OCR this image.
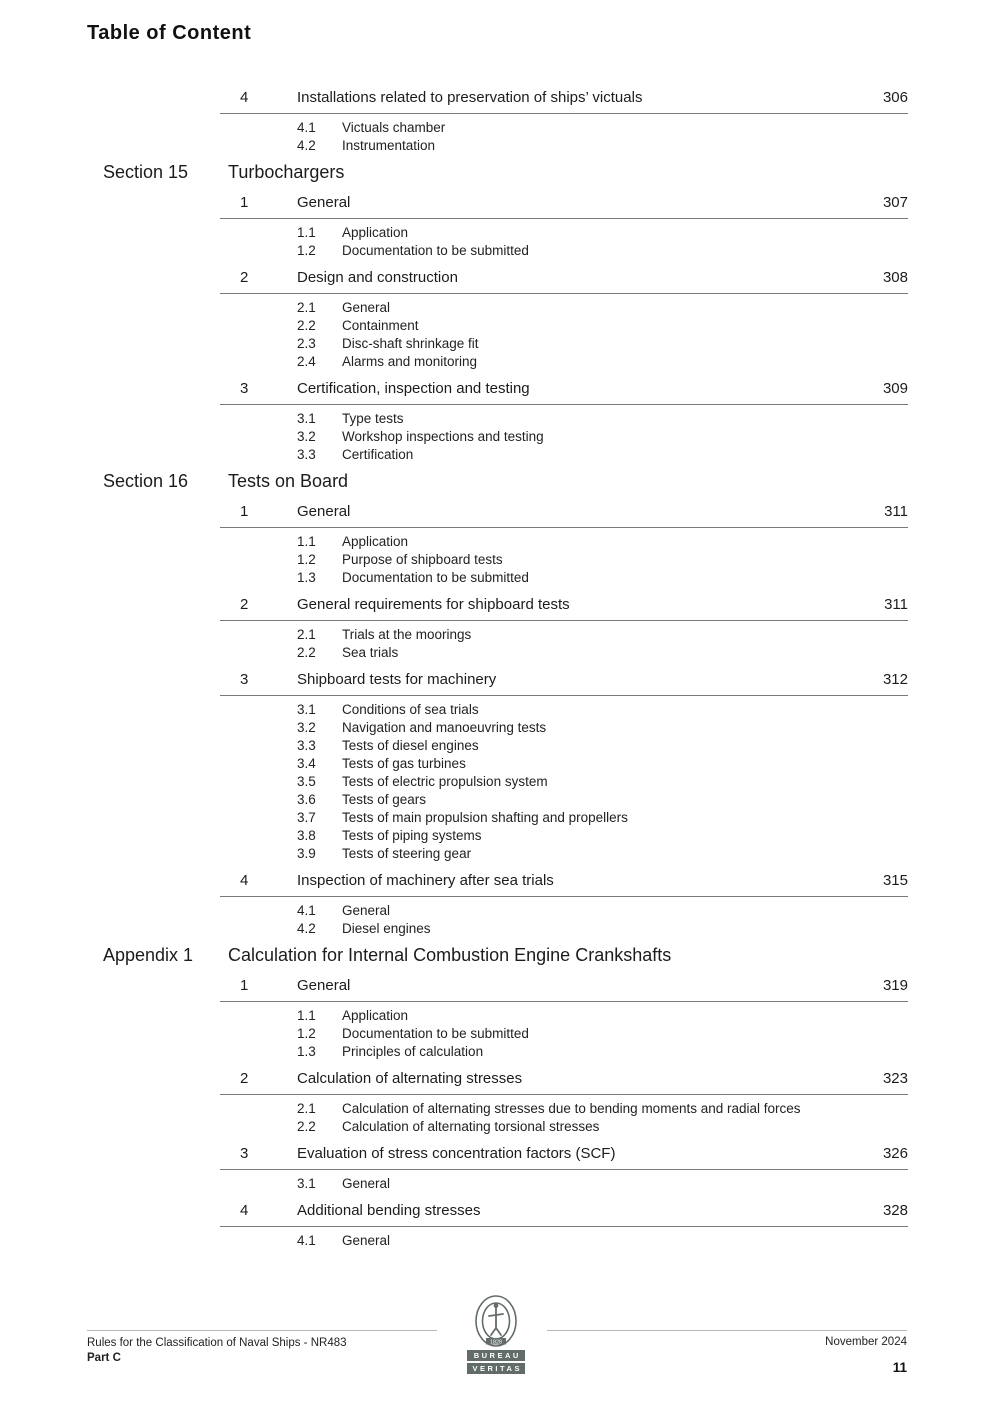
Table of Content
4	Installations related to preservation of ships’ victuals	306
4.1	Victuals chamber
4.2	Instrumentation
Section 15	Turbochargers
1	General	307
1.1	Application
1.2	Documentation to be submitted
2	Design and construction	308
2.1	General
2.2	Containment
2.3	Disc-shaft shrinkage fit
2.4	Alarms and monitoring
3	Certification, inspection and testing	309
3.1	Type tests
3.2	Workshop inspections and testing
3.3	Certification
Section 16	Tests on Board
1	General	311
1.1	Application
1.2	Purpose of shipboard tests
1.3	Documentation to be submitted
2	General requirements for shipboard tests	311
2.1	Trials at the moorings
2.2	Sea trials
3	Shipboard tests for machinery	312
3.1	Conditions of sea trials
3.2	Navigation and manoeuvring tests
3.3	Tests of diesel engines
3.4	Tests of gas turbines
3.5	Tests of electric propulsion system
3.6	Tests of gears
3.7	Tests of main propulsion shafting and propellers
3.8	Tests of piping systems
3.9	Tests of steering gear
4	Inspection of machinery after sea trials	315
4.1	General
4.2	Diesel engines
Appendix 1	Calculation for Internal Combustion Engine Crankshafts
1	General	319
1.1	Application
1.2	Documentation to be submitted
1.3	Principles of calculation
2	Calculation of alternating stresses	323
2.1	Calculation of alternating stresses due to bending moments and radial forces
2.2	Calculation of alternating torsional stresses
3	Evaluation of stress concentration factors (SCF)	326
3.1	General
4	Additional bending stresses	328
4.1	General
Rules for the Classification of Naval Ships - NR483
Part C
November 2024
11
1828
BUREAU
VERITAS
